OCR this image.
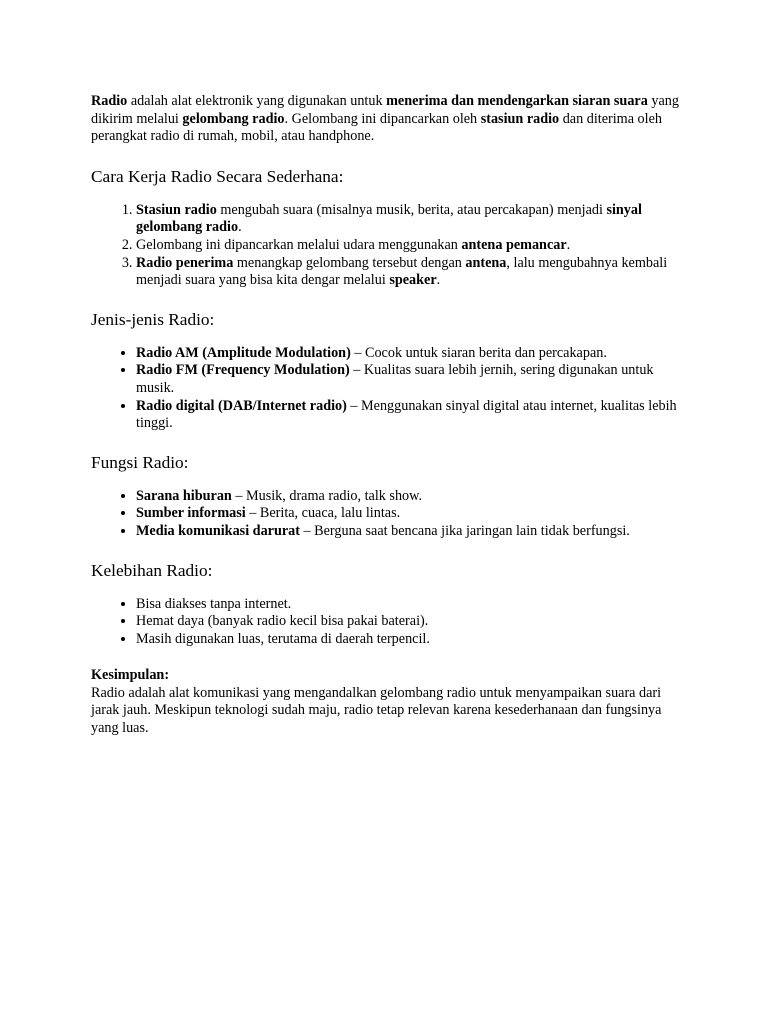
Radio adalah alat elektronik yang digunakan untuk menerima dan mendengarkan siaran suara yang dikirim melalui gelombang radio. Gelombang ini dipancarkan oleh stasiun radio dan diterima oleh perangkat radio di rumah, mobil, atau handphone.

Cara Kerja Radio Secara Sederhana:
1. Stasiun radio mengubah suara (misalnya musik, berita, atau percakapan) menjadi sinyal gelombang radio.
2. Gelombang ini dipancarkan melalui udara menggunakan antena pemancar.
3. Radio penerima menangkap gelombang tersebut dengan antena, lalu mengubahnya kembali menjadi suara yang bisa kita dengar melalui speaker.
Jenis-jenis Radio:
• Radio AM (Amplitude Modulation) – Cocok untuk siaran berita dan percakapan.
• Radio FM (Frequency Modulation) – Kualitas suara lebih jernih, sering digunakan untuk musik.
• Radio digital (DAB/Internet radio) – Menggunakan sinyal digital atau internet, kualitas lebih tinggi.
Fungsi Radio:
• Sarana hiburan – Musik, drama radio, talk show.
• Sumber informasi – Berita, cuaca, lalu lintas.
• Media komunikasi darurat – Berguna saat bencana jika jaringan lain tidak berfungsi.
Kelebihan Radio:
• Bisa diakses tanpa internet.
• Hemat daya (banyak radio kecil bisa pakai baterai).
• Masih digunakan luas, terutama di daerah terpencil.

Kesimpulan:

Radio adalah alat komunikasi yang mengandalkan gelombang radio untuk menyampaikan suara dari jarak jauh. Meskipun teknologi sudah maju, radio tetap relevan karena kesederhanaan dan fungsinya yang luas.
